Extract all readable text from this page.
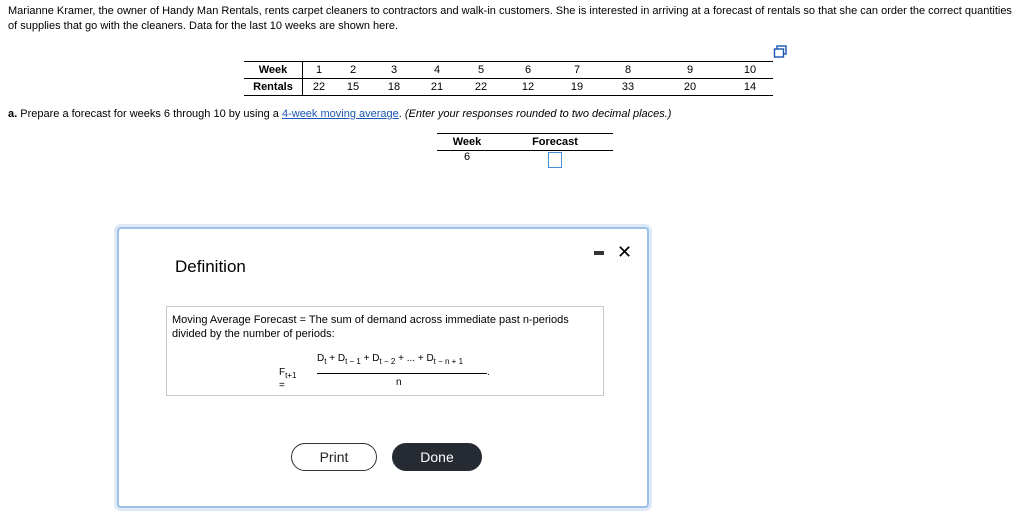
Marianne Kramer, the owner of Handy Man Rentals, rents carpet cleaners to contractors and walk-in customers. She is interested in arriving at a forecast of rentals so that she can order the correct quantities of supplies that go with the cleaners. Data for the last 10 weeks are shown here.
Week	1	2	3	4	5	6	7	8	9	10
Rentals	22	15	18	21	22	12	19	33	20	14
a. Prepare a forecast for weeks 6 through 10 by using a 4-week moving average. (Enter your responses rounded to two decimal places.)
Week	Forecast
6	
Definition
✕
Moving Average Forecast = The sum of demand across immediate past n-periods divided by the number of periods:
$F_{t+1}$ =
$D_t + D_{t - 1} + D_{t - 2}$ + ... + $D_{t - n + 1}$
n
.
Print	Done
